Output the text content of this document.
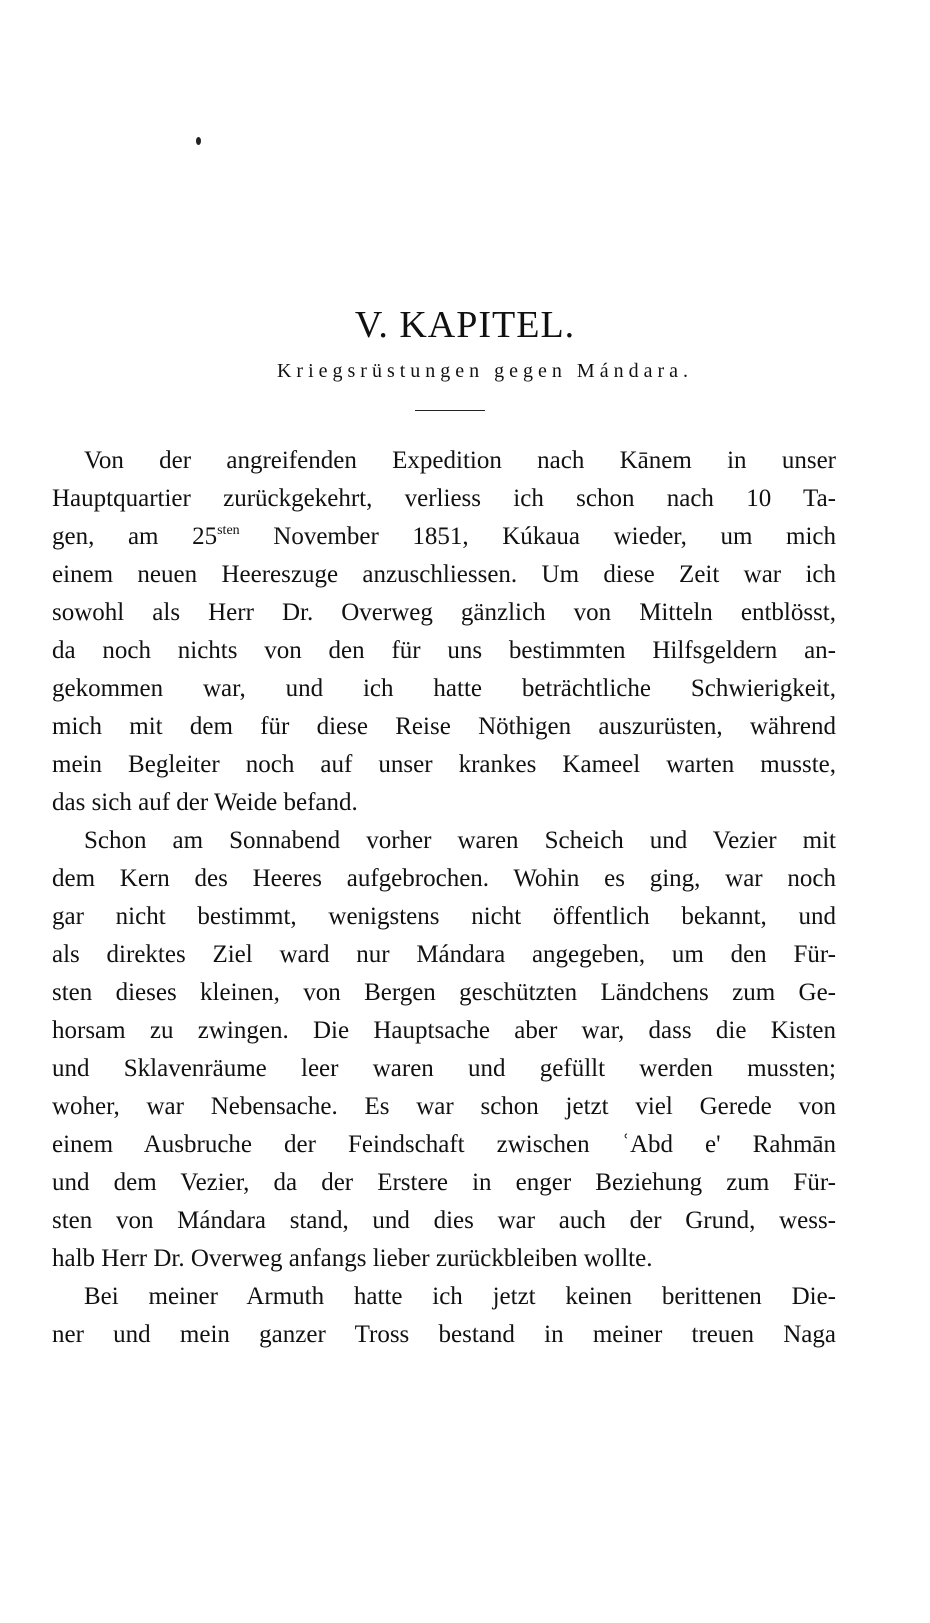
V. KAPITEL.
Kriegsrüstungen gegen Mándara.
Von der angreifenden Expedition nach Kānem in unser
Hauptquartier zurückgekehrt, verliess ich schon nach 10 Ta-
gen, am $25^{sten}$ November 1851, Kúkaua wieder, um mich
einem neuen Heereszuge anzuschliessen. Um diese Zeit war ich
sowohl als Herr Dr. Overweg gänzlich von Mitteln entblösst,
da noch nichts von den für uns bestimmten Hilfsgeldern an-
gekommen war, und ich hatte beträchtliche Schwierigkeit,
mich mit dem für diese Reise Nöthigen auszurüsten, während
mein Begleiter noch auf unser krankes Kameel warten musste,
das sich auf der Weide befand.
Schon am Sonnabend vorher waren Scheich und Vezier mit
dem Kern des Heeres aufgebrochen. Wohin es ging, war noch
gar nicht bestimmt, wenigstens nicht öffentlich bekannt, und
als direktes Ziel ward nur Mándara angegeben, um den Für-
sten dieses kleinen, von Bergen geschützten Ländchens zum Ge-
horsam zu zwingen. Die Hauptsache aber war, dass die Kisten
und Sklavenräume leer waren und gefüllt werden mussten;
woher, war Nebensache. Es war schon jetzt viel Gerede von
einem Ausbruche der Feindschaft zwischen ʿAbd e' Rahmān
und dem Vezier, da der Erstere in enger Beziehung zum Für-
sten von Mándara stand, und dies war auch der Grund, wess-
halb Herr Dr. Overweg anfangs lieber zurückbleiben wollte.
Bei meiner Armuth hatte ich jetzt keinen berittenen Die-
ner und mein ganzer Tross bestand in meiner treuen Naga
